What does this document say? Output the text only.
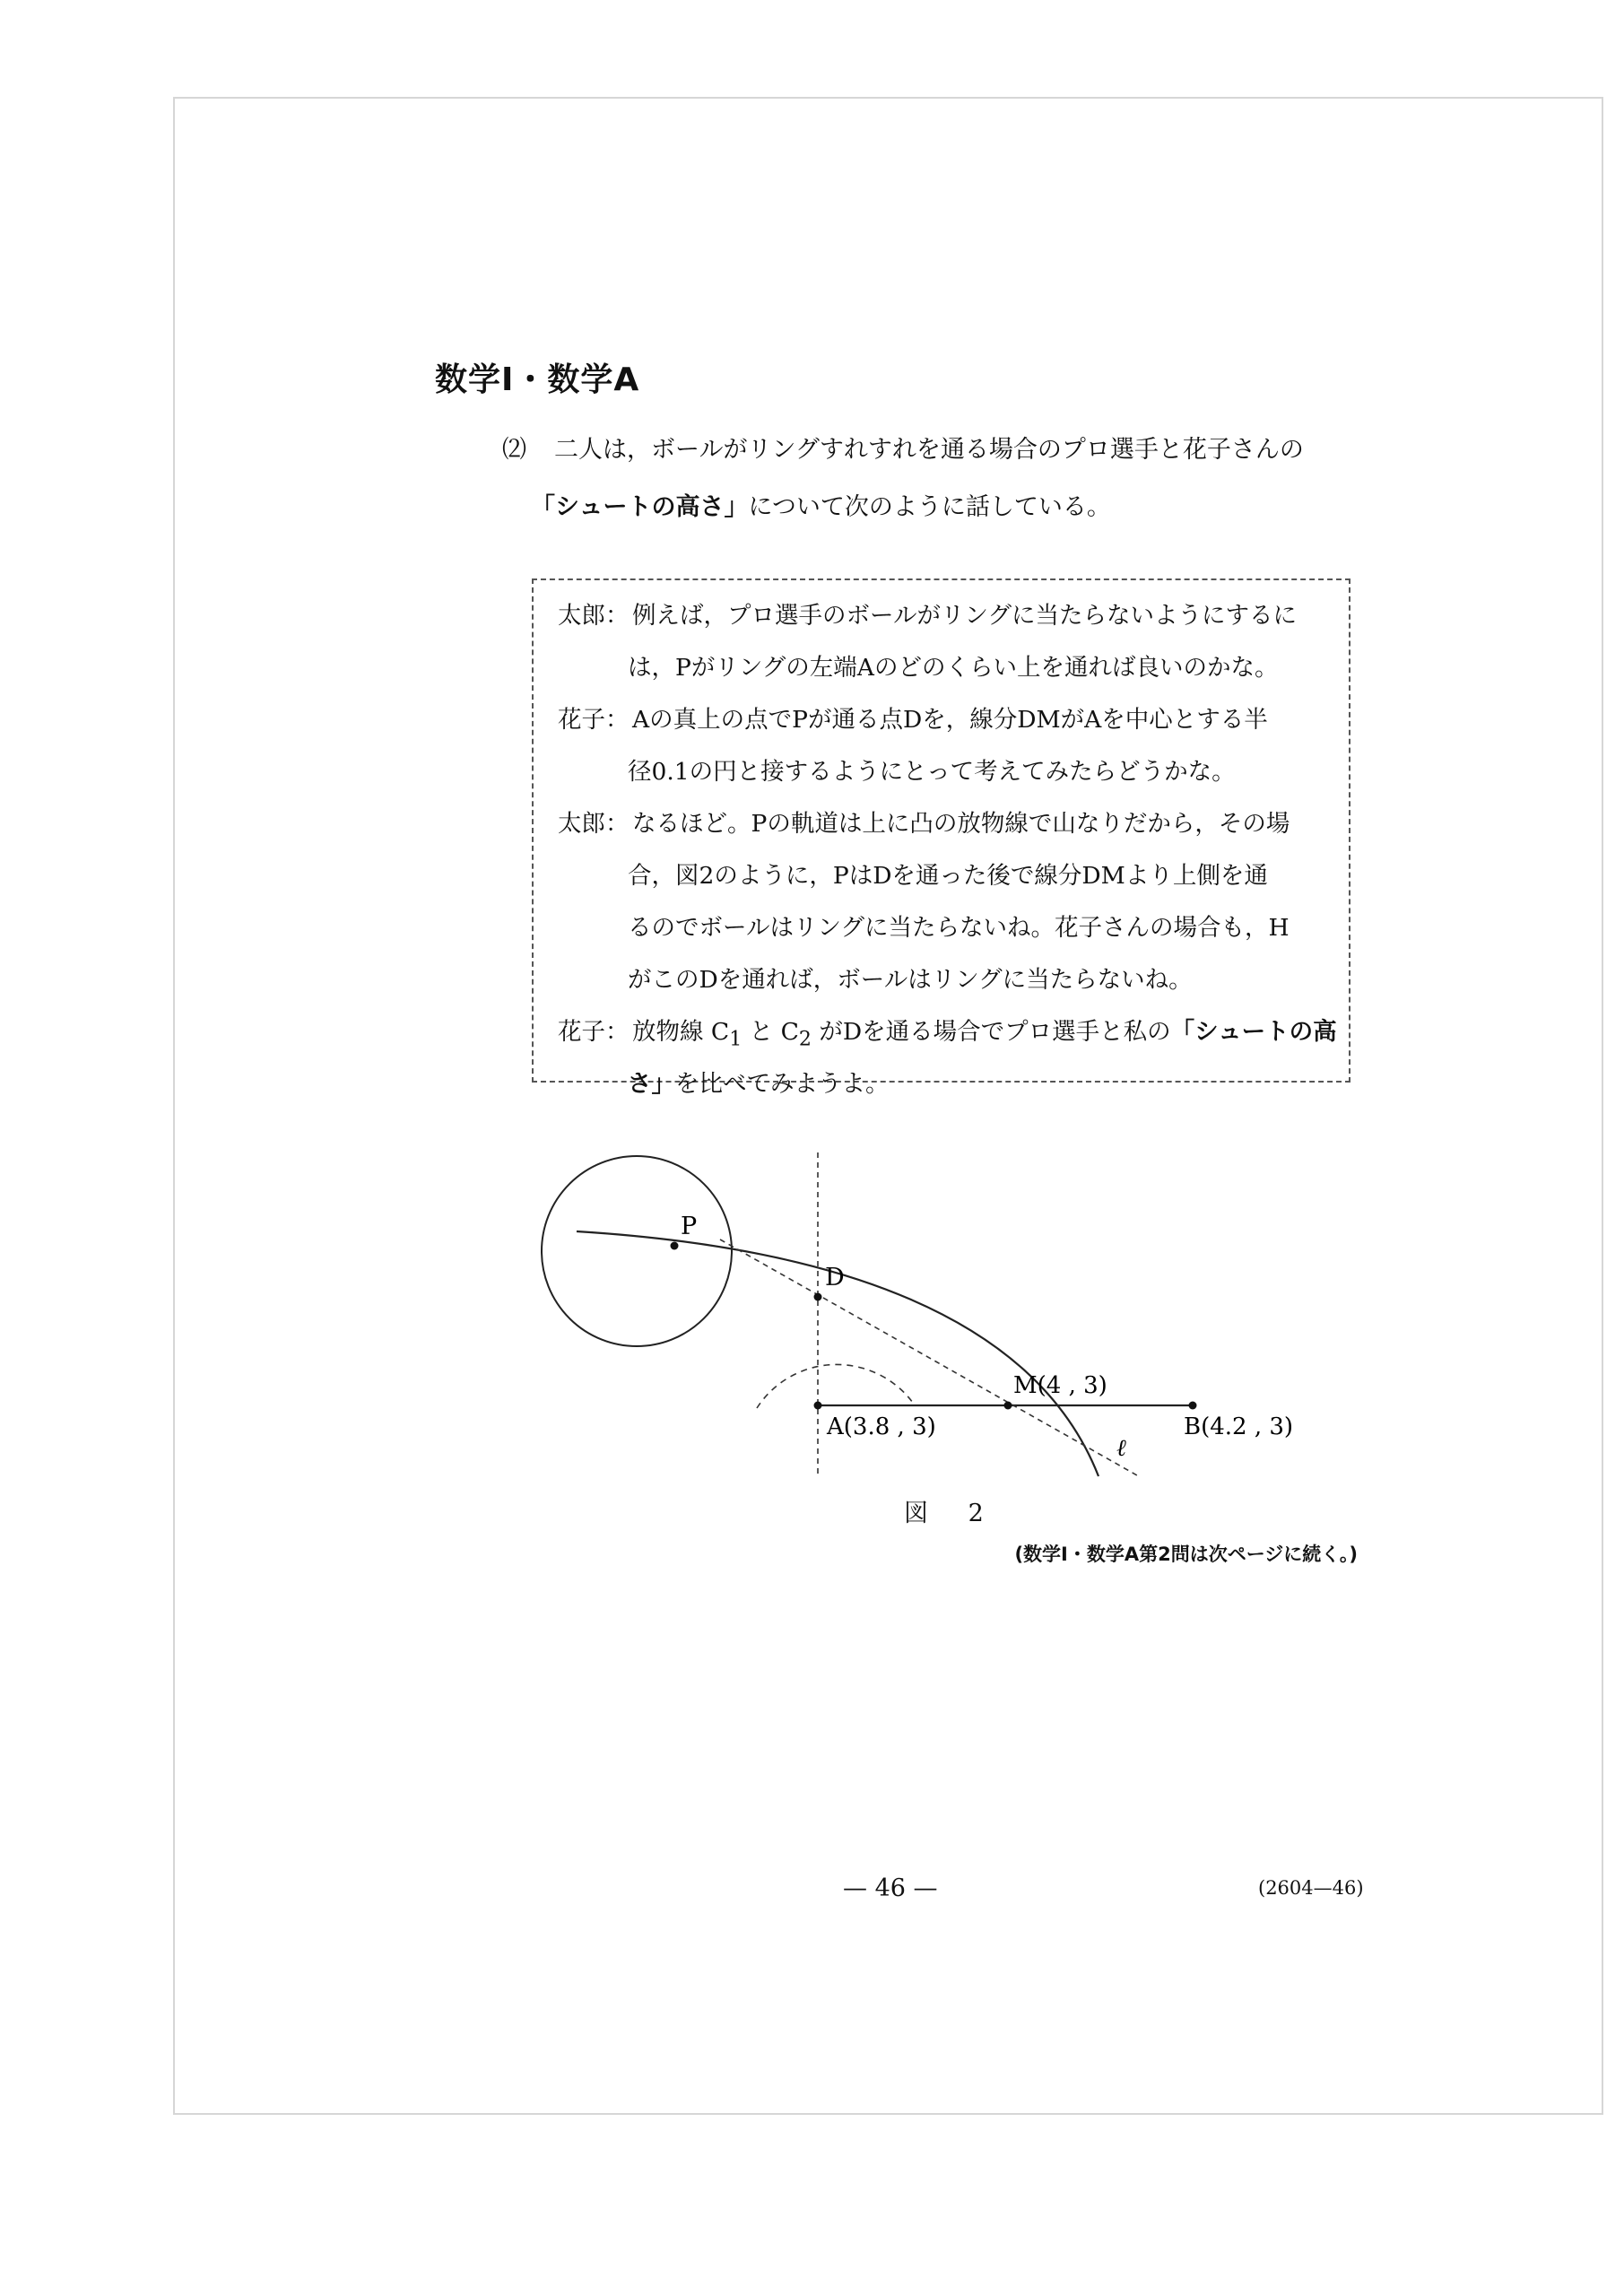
数学Ⅰ・数学A
⑵ 二人は，ボールがリングすれすれを通る場合のプロ選手と花子さんの
「シュートの高さ」について次のように話している。
太郎： 例えば，プロ選手のボールがリングに当たらないようにするに
は，Pがリングの左端Aのどのくらい上を通れば良いのかな。
花子： Aの真上の点でPが通る点Dを，線分DMがAを中心とする半
径0.1の円と接するようにとって考えてみたらどうかな。
太郎： なるほど。Pの軌道は上に凸の放物線で山なりだから，その場
合，図2のように，PはDを通った後で線分DMより上側を通
るのでボールはリングに当たらないね。花子さんの場合も，H
がこのDを通れば，ボールはリングに当たらないね。
花子： 放物線 $C_1$ と $C_2$ がDを通る場合でプロ選手と私の「シュートの高
さ」を比べてみようよ。
P
D
M(4 , 3)
A(3.8 , 3)	B(4.2 , 3)
ℓ
図 2
(数学Ⅰ・数学A第2問は次ページに続く。)
— 46 —	(2604—46)
